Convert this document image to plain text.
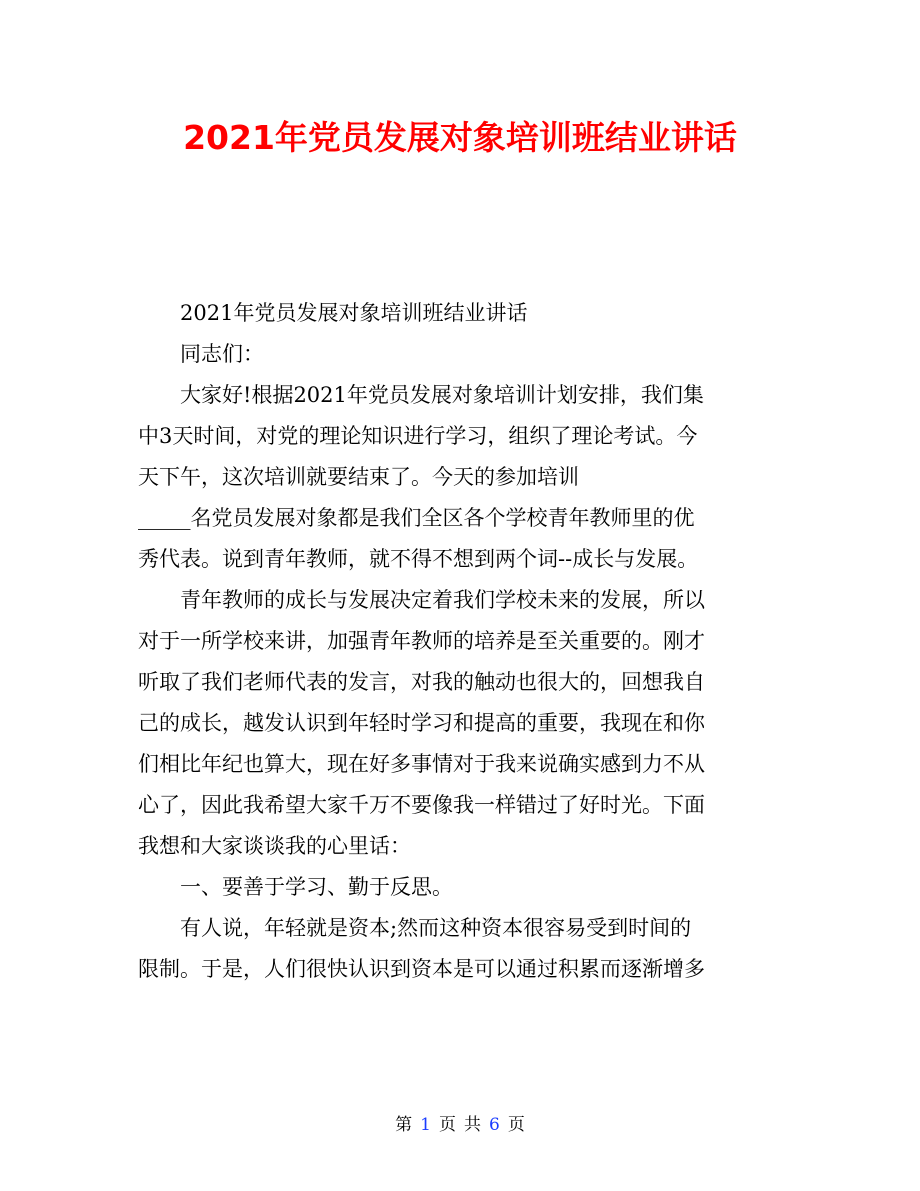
2021年党员发展对象培训班结业讲话
2021年党员发展对象培训班结业讲话
同志们：
大家好!根据2021年党员发展对象培训计划安排，我们集
中3天时间，对党的理论知识进行学习，组织了理论考试。今
天下午，这次培训就要结束了。今天的参加培训
_____名党员发展对象都是我们全区各个学校青年教师里的优
秀代表。说到青年教师，就不得不想到两个词--成长与发展。
青年教师的成长与发展决定着我们学校未来的发展，所以
对于一所学校来讲，加强青年教师的培养是至关重要的。刚才
听取了我们老师代表的发言，对我的触动也很大的，回想我自
己的成长，越发认识到年轻时学习和提高的重要，我现在和你
们相比年纪也算大，现在好多事情对于我来说确实感到力不从
心了，因此我希望大家千万不要像我一样错过了好时光。下面
我想和大家谈谈我的心里话：
一、要善于学习、勤于反思。
有人说，年轻就是资本;然而这种资本很容易受到时间的
限制。于是，人们很快认识到资本是可以通过积累而逐渐增多
第 1 页 共 6 页
